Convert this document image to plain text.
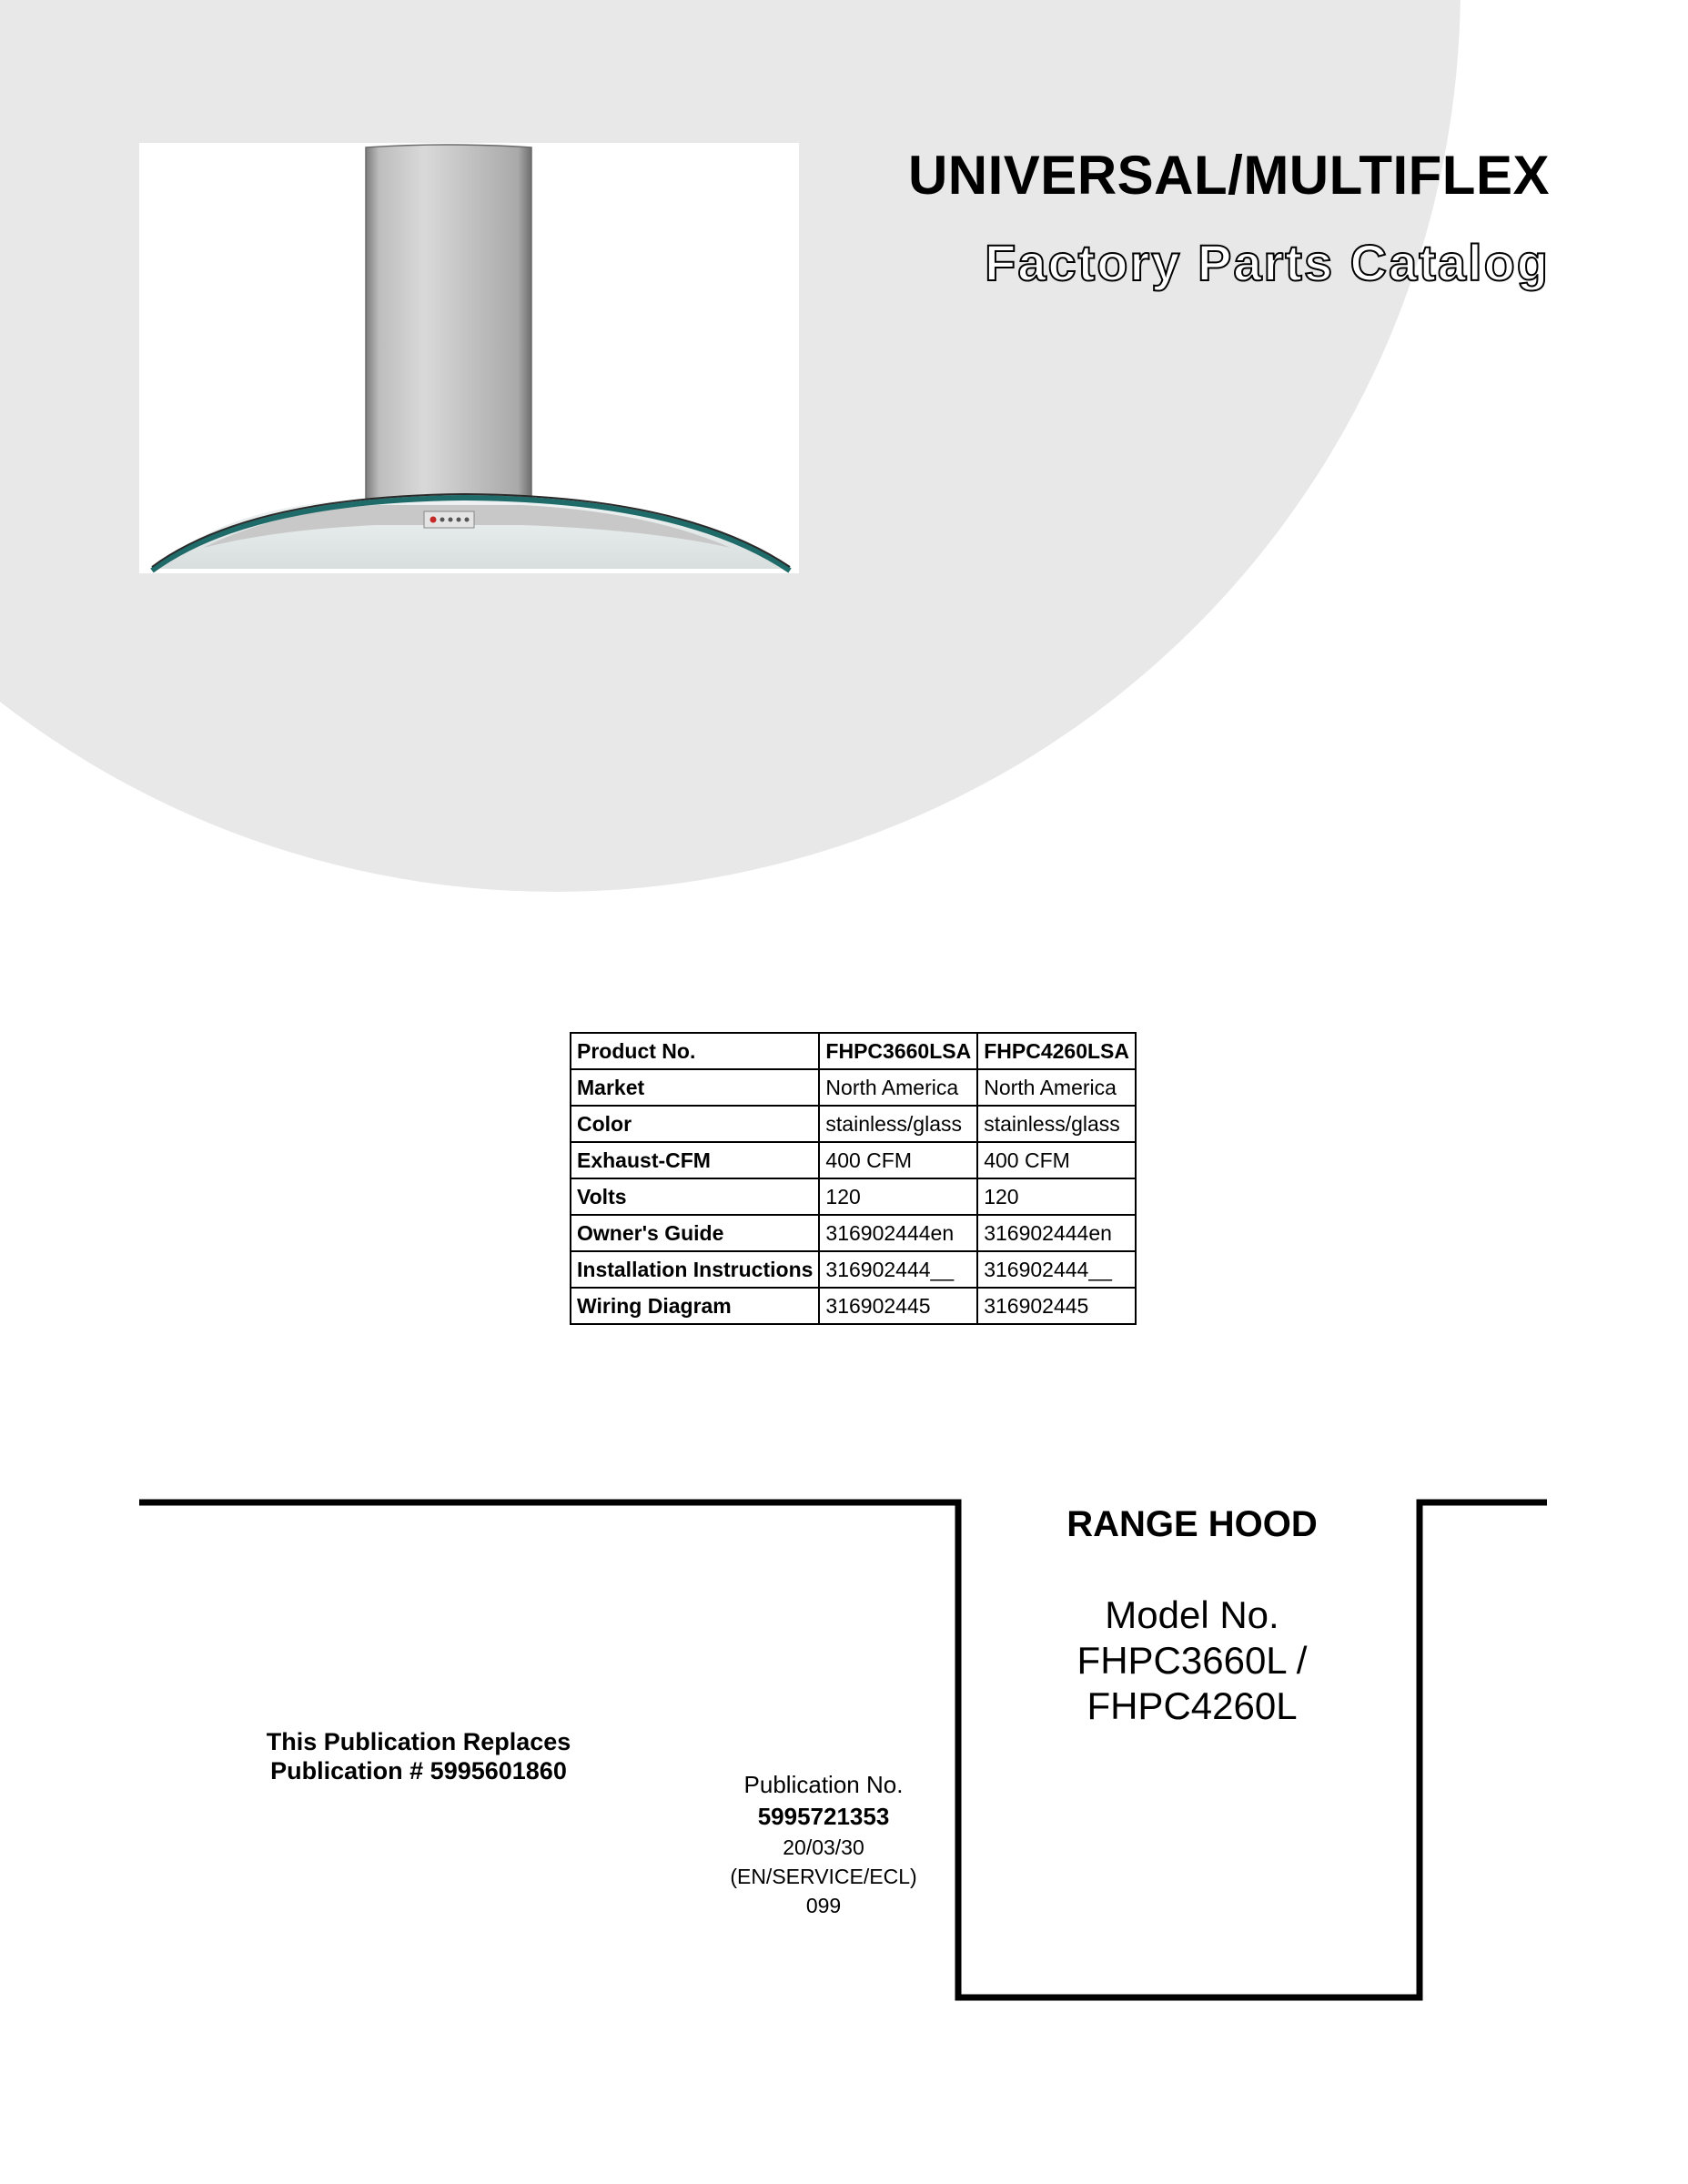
UNIVERSAL/MULTIFLEX
Factory Parts Catalog
Product No.	FHPC3660LSA	FHPC4260LSA
Market	North America	North America
Color	stainless/glass	stainless/glass
Exhaust-CFM	400 CFM	400 CFM
Volts	120	120
Owner's Guide	316902444en	316902444en
Installation Instructions	316902444__	316902444__
Wiring Diagram	316902445	316902445
This Publication Replaces
Publication # 5995601860	Publication No.
5995721353
20/03/30
(EN/SERVICE/ECL)
099
RANGE HOOD
Model No.
FHPC3660L /
FHPC4260L
